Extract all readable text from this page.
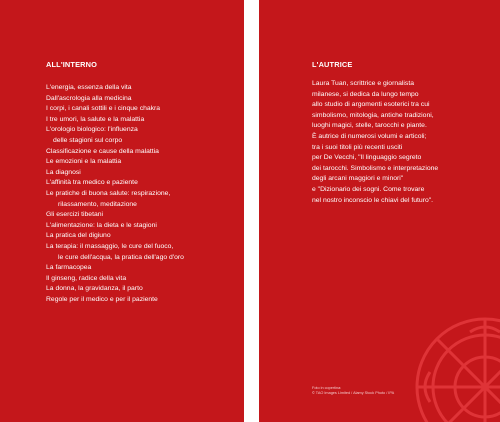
ALL'INTERNO
L'energia, essenza della vita
Dall'ascrologia alla medicina
I corpi, i canali sottili e i cinque chakra
I tre umori, la salute e la malattia
L'orologio biologico: l'influenza
delle stagioni sul corpo
Classificazione e cause della malattia
Le emozioni e la malattia
La diagnosi
L'affinità tra medico e paziente
Le pratiche di buona salute: respirazione,
rilassamento, meditazione
Gli esercizi tibetani
L'alimentazione: la dieta e le stagioni
La pratica del digiuno
La terapia: il massaggio, le cure del fuoco,
le cure dell'acqua, la pratica dell'ago d'oro
La farmacopea
Il ginseng, radice della vita
La donna, la gravidanza, il parto
Regole per il medico e per il paziente
L'AUTRICE

Laura Tuan, scrittrice e giornalista
milanese, si dedica da lungo tempo
allo studio di argomenti esoterici tra cui
simbolismo, mitologia, antiche tradizioni,
luoghi magici, stelle, tarocchi e piante.
È autrice di numerosi volumi e articoli;
tra i suoi titoli più recenti usciti
per De Vecchi, "Il linguaggio segreto
dei tarocchi. Simbolismo e interpretazione
degli arcani maggiori e minori"
e "Dizionario dei sogni. Come trovare
nel nostro inconscio le chiavi del futuro".

Foto in copertina:
© TAO Images Limited / Alamy Stock Photo / IPA
